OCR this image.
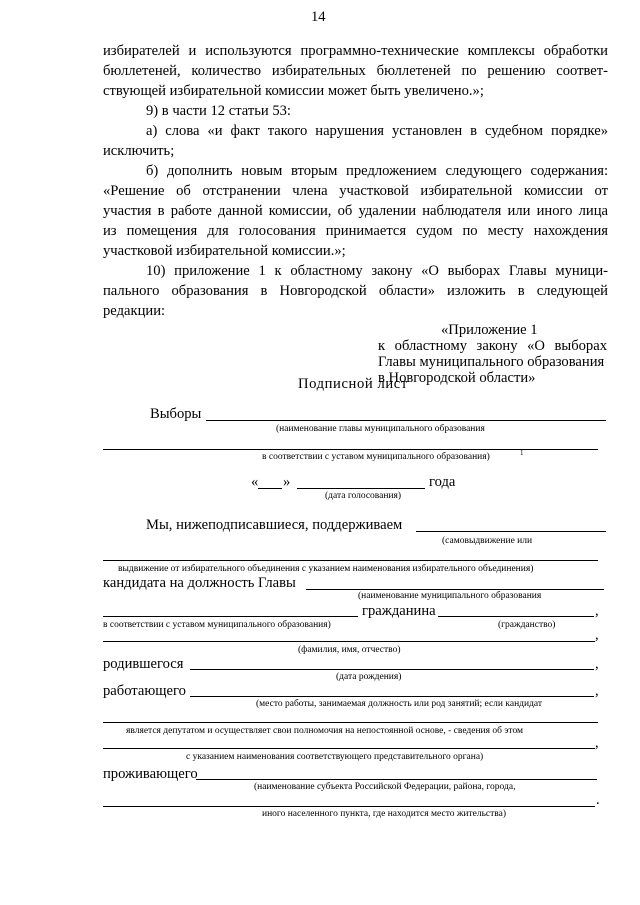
14
избирателей и используются программно-технические комплексы обработки
бюллетеней, количество избирательных бюллетеней по решению соответ-
ствующей избирательной комиссии может быть увеличено.»;
9) в части 12 статьи 53:
а) слова «и факт такого нарушения установлен в судебном порядке»
исключить;
б) дополнить новым вторым предложением следующего содержания:
«Решение об отстранении члена участковой избирательной комиссии от
участия в работе данной комиссии, об удалении наблюдателя или иного лица
из помещения для голосования принимается судом по месту нахождения
участковой избирательной комиссии.»;
10) приложение 1 к областному закону «О выборах Главы муници-
пального образования в Новгородской области» изложить в следующей
редакции:
«Приложение 1
к областному закону «О выборах
Главы муниципального образования
в Новгородской области»
Подписной лист
Выборы
(наименование главы муниципального образования
в соответствии с уставом муниципального образования)	1
« »	года
(дата голосования)
Мы, нижеподписавшиеся, поддерживаем
(самовыдвижение или
выдвижение от избирательного объединения с указанием наименования избирательного объединения)
кандидата на должность Главы
(наименование муниципального образования
гражданина	,
в соответствии с уставом муниципального образования)	(гражданство)
,
(фамилия, имя, отчество)
родившегося	,
(дата рождения)
работающего	,
(место работы, занимаемая должность или род занятий; если кандидат
является депутатом и осуществляет свои полномочия на непостоянной основе, - сведения об этом
,
с указанием наименования соответствующего представительного органа)
проживающего
(наименование субъекта Российской Федерации, района, города,
.
иного населенного пункта, где находится место жительства)
